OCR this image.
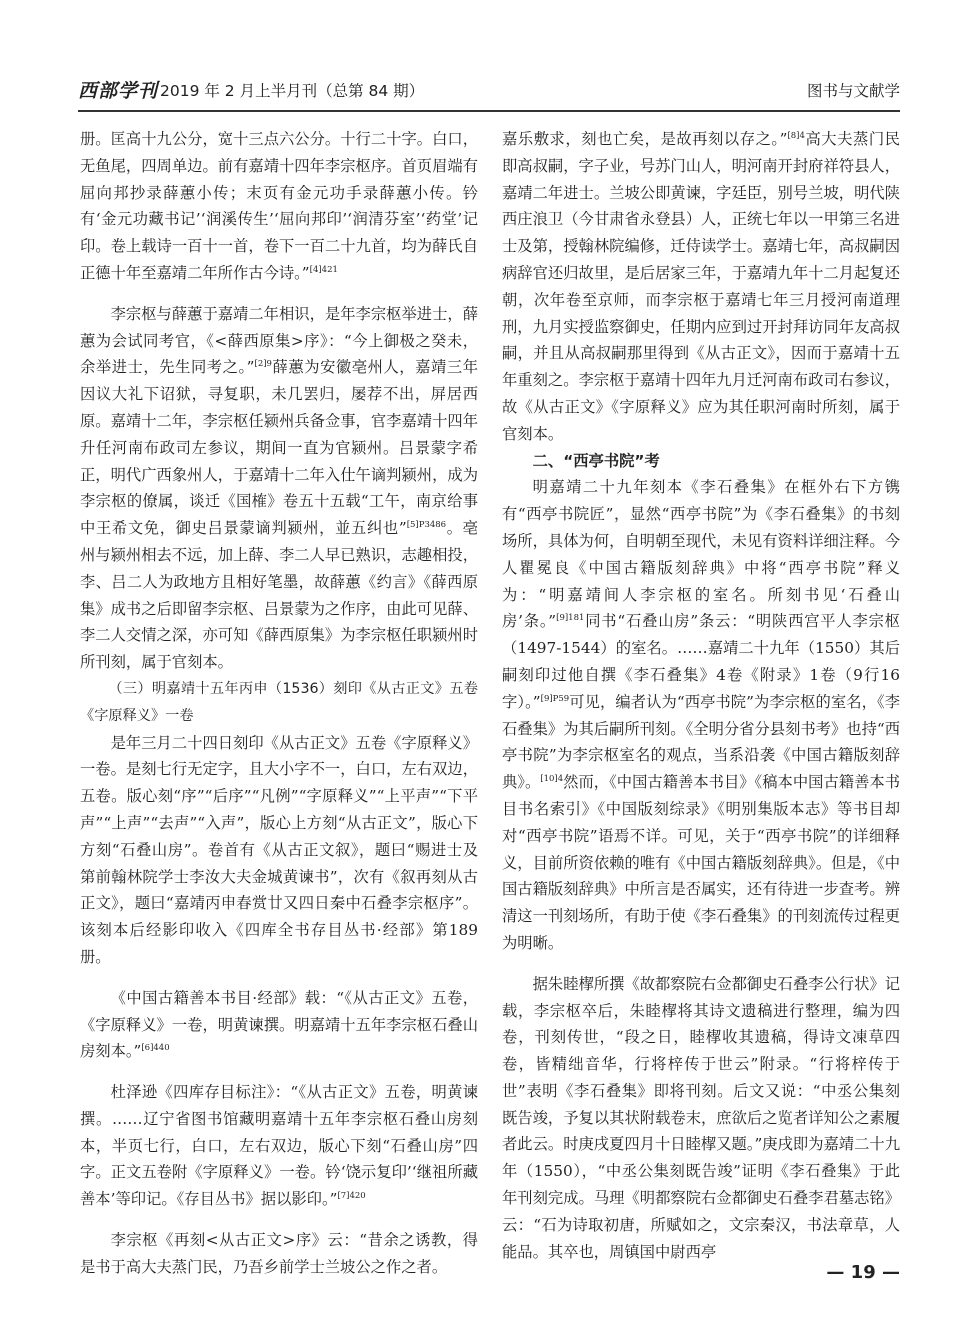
西部学刊 2019 年 2 月上半月刊（总第 84 期）	图书与文献学

册。匡高十九公分，宽十三点六公分。十行二十字。白口，无鱼尾，四周单边。前有嘉靖十四年李宗枢序。首页眉端有屈向邦抄录薛蕙小传；末页有金元功手录薛蕙小传。钤有‘金元功藏书记’‘润溪传生’‘屈向邦印’‘润清芬室’‘药堂’记印。卷上载诗一百十一首，卷下一百二十九首，均为薛氏自正德十年至嘉靖二年所作古今诗。”$^{[4]421}$

李宗枢与薛蕙于嘉靖二年相识，是年李宗枢举进士，薛蕙为会试同考官，《<薛西原集>序》：“今上御极之癸未，余举进士，先生同考之。”$^{[2]9}$薛蕙为安徽亳州人，嘉靖三年因议大礼下诏狱，寻复职，未几罢归，屡荐不出，屏居西原。嘉靖十二年，李宗枢任颍州兵备佥事，官李嘉靖十四年升任河南布政司左参议，期间一直为官颍州。吕景蒙字希正，明代广西象州人，于嘉靖十二年入仕午谪判颍州，成为李宗枢的僚属，谈迁《国榷》卷五十五载“工午，南京给事中王希文免，御史吕景蒙谪判颍州，並五纠也”$^{[5]P3486}$。亳州与颍州相去不远，加上薛、李二人早已熟识，志趣相投，李、吕二人为政地方且相好笔墨，故薛蕙《约言》《薛西原集》成书之后即留李宗枢、吕景蒙为之作序，由此可见薛、李二人交情之深，亦可知《薛西原集》为李宗枢任职颍州时所刊刻，属于官刻本。

（三）明嘉靖十五年丙申（1536）刻印《从古正文》五卷《字原释义》一卷

是年三月二十四日刻印《从古正文》五卷《字原释义》一卷。是刻七行无定字，且大小字不一，白口，左右双边，五卷。版心刻“序”“后序”“凡例”“字原释义”“上平声”“下平声”“上声”“去声”“入声”，版心上方刻“从古正文”，版心下方刻“石叠山房”。卷首有《从古正文叙》，题曰“赐进士及第前翰林院学士李汝大夫金城黄谏书”，次有《叙再刻从古正文》，题曰“嘉靖丙申春赏廿又四日秦中石叠李宗枢序”。该刻本后经影印收入《四库全书存目丛书·经部》第189册。

《中国古籍善本书目·经部》载：“《从古正文》五卷，《字原释义》一卷，明黄谏撰。明嘉靖十五年李宗枢石叠山房刻本。”$^{[6]440}$

杜泽逊《四库存目标注》：“《从古正文》五卷，明黄谏撰。……辽宁省图书馆藏明嘉靖十五年李宗枢石叠山房刻本，半页七行，白口，左右双边，版心下刻“石叠山房”四字。正文五卷附《字原释义》一卷。钤‘饶示复印’‘继祖所藏善本’等印记。《存目丛书》据以影印。”$^{[7]420}$

李宗枢《再刻<从古正文>序》云：“昔余之诱教，得是书于高大夫蒸门民，乃吾乡前学士兰坡公之作之者。

嘉乐敷求，刻也亡矣，是故再刻以存之。”$^{[8]4}$高大夫蒸门民即高叔嗣，字子业，号苏门山人，明河南开封府祥符县人，嘉靖二年进士。兰坡公即黄谏，字廷臣，别号兰坡，明代陕西庄浪卫（今甘肃省永登县）人，正统七年以一甲第三名进士及第，授翰林院编修，迁侍读学士。嘉靖七年，高叔嗣因病辞官还归故里，是后居家三年，于嘉靖九年十二月起复还朝，次年卷至京师，而李宗枢于嘉靖七年三月授河南道理刑，九月实授监察御史，任期内应到过开封拜访同年友高叔嗣，并且从高叔嗣那里得到《从古正文》，因而于嘉靖十五年重刻之。李宗枢于嘉靖十四年九月迁河南布政司右参议，故《从古正文》《字原释义》应为其任职河南时所刻，属于官刻本。

二、“西亭书院”考

明嘉靖二十九年刻本《李石叠集》在框外右下方镌有“西亭书院匠”，显然“西亭书院”为《李石叠集》的书刻场所，具体为何，自明朝至现代，未见有资料详细注释。今人瞿冕良《中国古籍版刻辞典》中将“西亭书院”释义为：“明嘉靖间人李宗枢的室名。所刻书见‘石叠山房’条。”$^{[9]181}$同书“石叠山房”条云：“明陕西宫平人李宗枢（1497-1544）的室名。……嘉靖二十九年（1550）其后嗣刻印过他自撰《李石叠集》4卷《附录》1卷（9行16字）。”$^{[9]P59}$可见，编者认为“西亭书院”为李宗枢的室名，《李石叠集》为其后嗣所刊刻。《全明分省分县刻书考》也持“西亭书院”为李宗枢室名的观点，当系沿袭《中国古籍版刻辞典》。$^{[10]4}$然而，《中国古籍善本书目》《稿本中国古籍善本书目书名索引》《中国版刻综录》《明别集版本志》等书目却对“西亭书院”语焉不详。可见，关于“西亭书院”的详细释义，目前所资依赖的唯有《中国古籍版刻辞典》。但是，《中国古籍版刻辞典》中所言是否属实，还有待进一步查考。辨清这一刊刻场所，有助于使《李石叠集》的刊刻流传过程更为明晰。

据朱睦㮮所撰《故都察院右佥都御史石叠李公行状》记载，李宗枢卒后，朱睦㮮将其诗文遗稿进行整理，编为四卷，刊刻传世，“段之日，睦㮮收其遗稿，得诗文凍草四卷，皆精绌音华，行将梓传于世云”附录。“行将梓传于世”表明《李石叠集》即将刊刻。后文又说：“中丞公集刻既告竣，予复以其状附载卷末，庶欲后之览者详知公之素履者此云。时庚戌夏四月十日睦㮮又题。”庚戌即为嘉靖二十九年（1550），“中丞公集刻既告竣”证明《李石叠集》于此年刊刻完成。马理《明都察院右佥都御史石叠李君墓志铭》云：“石为诗取初唐，所赋如之，文宗秦汉，书法章草，人能品。其卒也，周镇国中尉西亭

— 19 —
